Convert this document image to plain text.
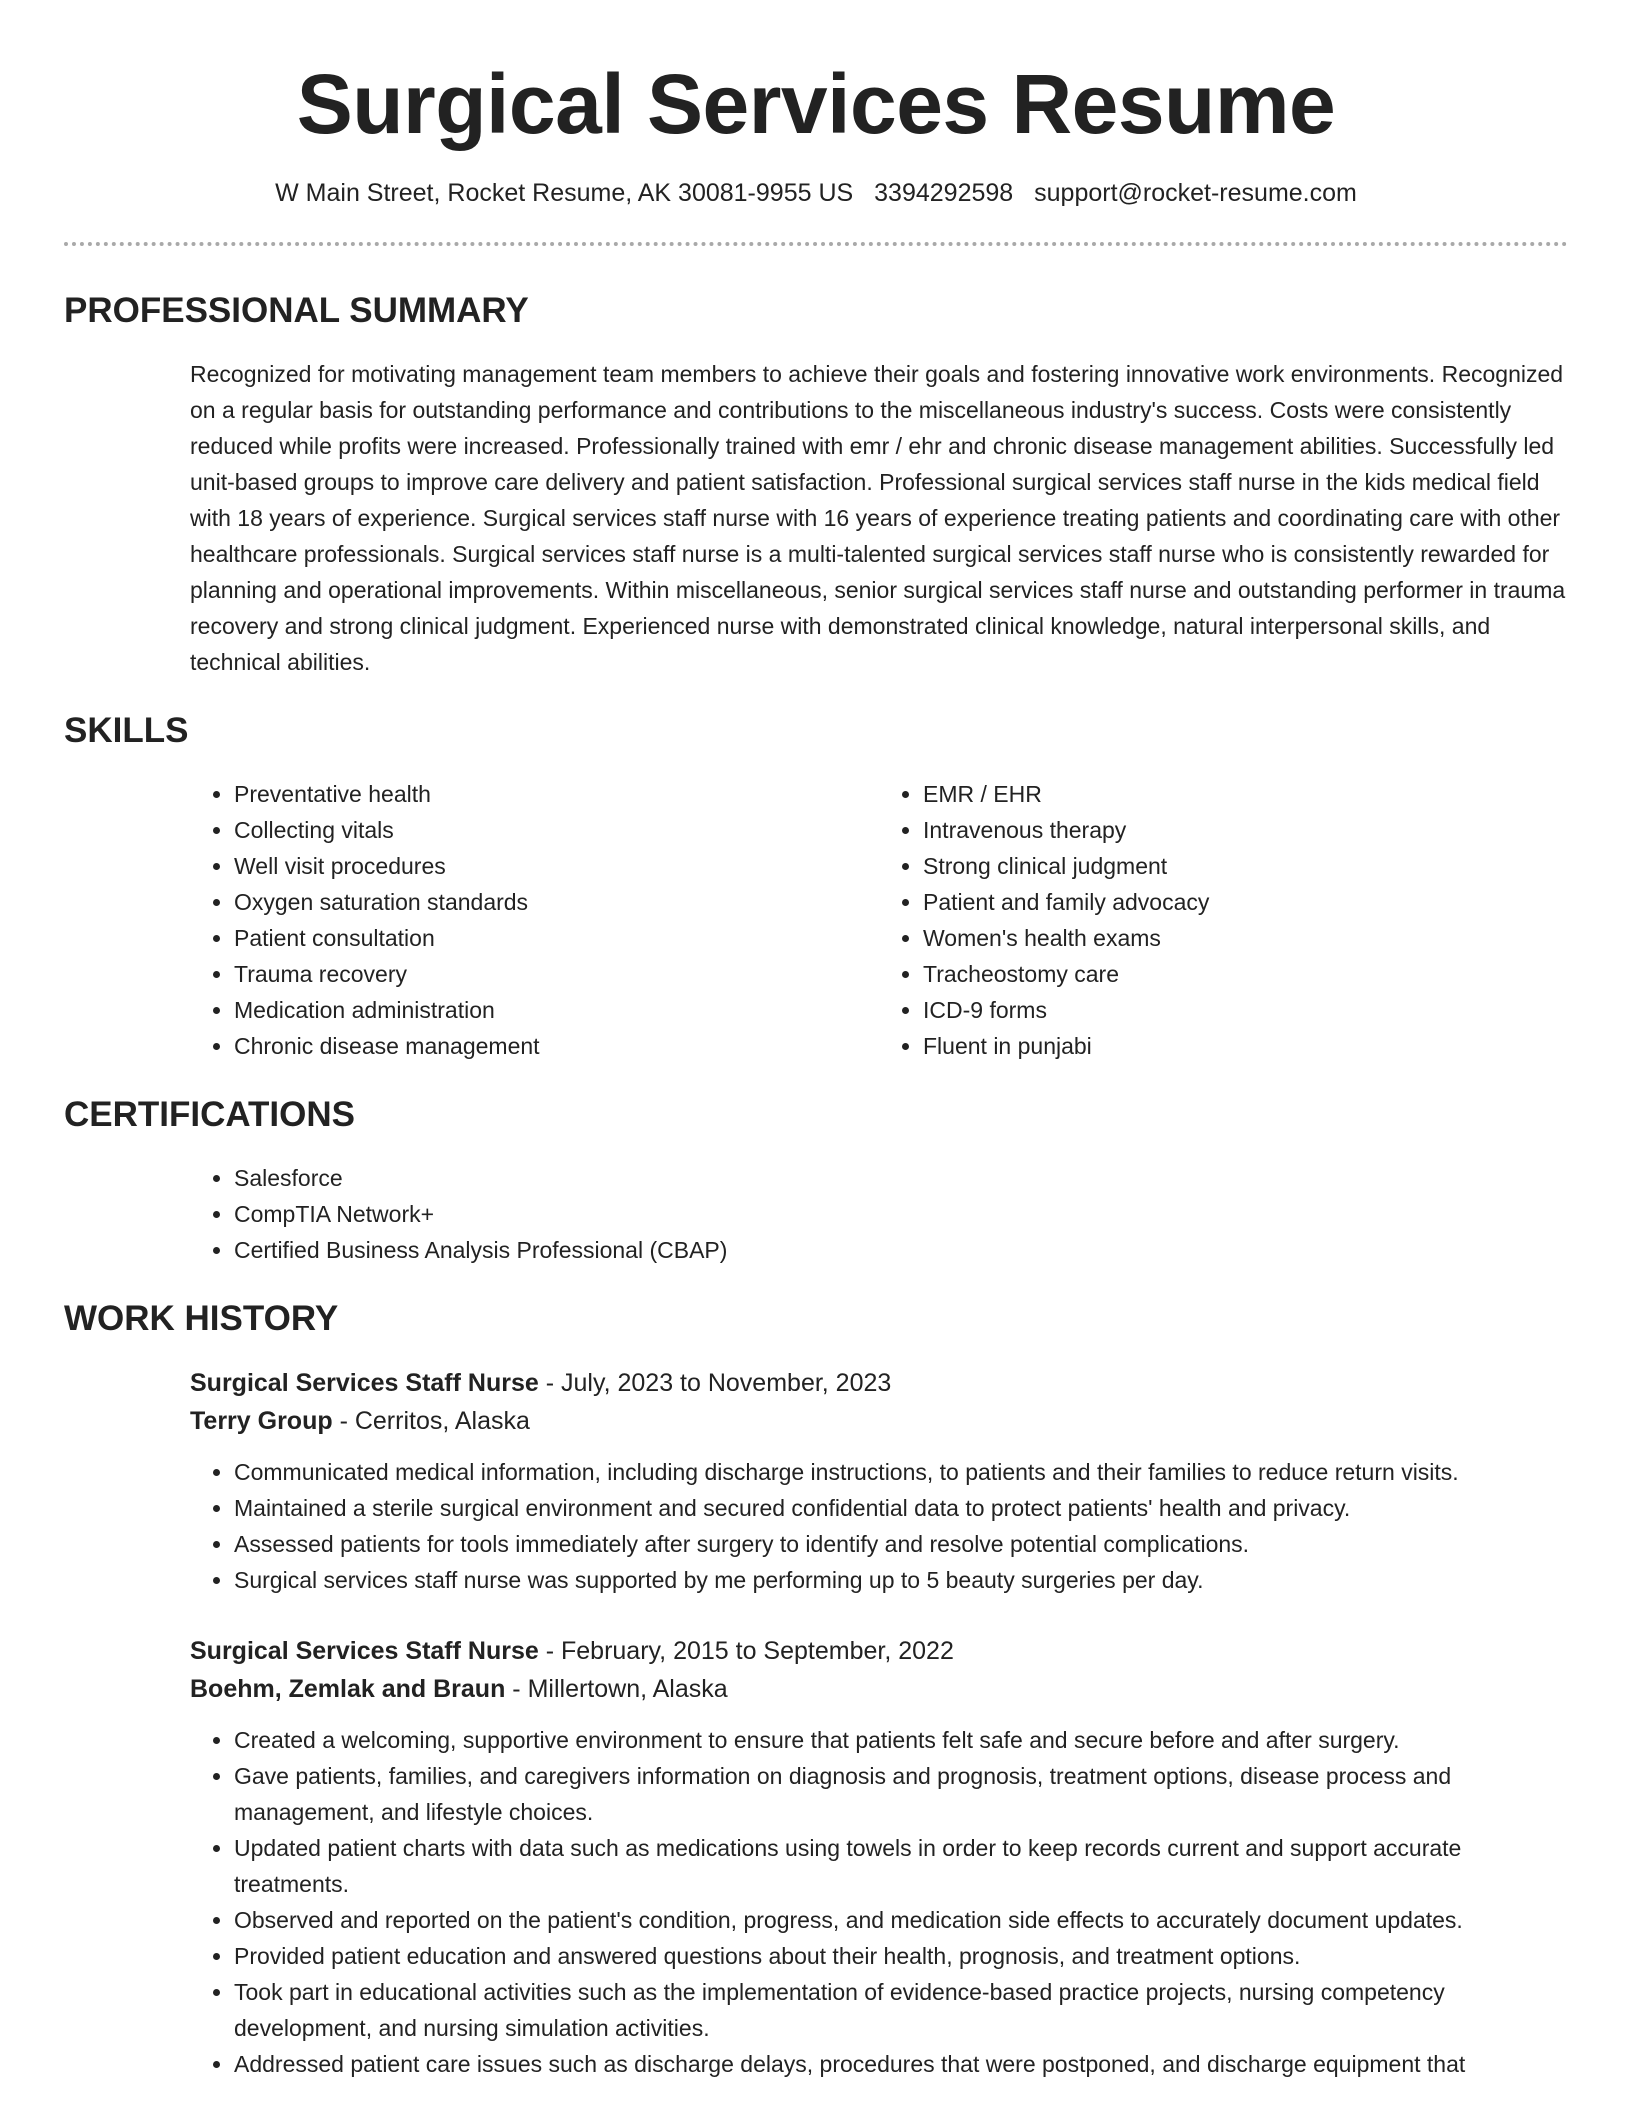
Surgical Services Resume
W Main Street, Rocket Resume, AK 30081-9955 US 3394292598 support@rocket-resume.com
PROFESSIONAL SUMMARY

Recognized for motivating management team members to achieve their goals and fostering innovative work environments. Recognized on a regular basis for outstanding performance and contributions to the miscellaneous industry's success. Costs were consistently reduced while profits were increased. Professionally trained with emr / ehr and chronic disease management abilities. Successfully led unit-based groups to improve care delivery and patient satisfaction. Professional surgical services staff nurse in the kids medical field with 18 years of experience. Surgical services staff nurse with 16 years of experience treating patients and coordinating care with other healthcare professionals. Surgical services staff nurse is a multi-talented surgical services staff nurse who is consistently rewarded for planning and operational improvements. Within miscellaneous, senior surgical services staff nurse and outstanding performer in trauma recovery and strong clinical judgment. Experienced nurse with demonstrated clinical knowledge, natural interpersonal skills, and technical abilities.

SKILLS
• Preventative health
• Collecting vitals
• Well visit procedures
• Oxygen saturation standards
• Patient consultation
• Trauma recovery
• Medication administration
• Chronic disease management
• EMR / EHR
• Intravenous therapy
• Strong clinical judgment
• Patient and family advocacy
• Women's health exams
• Tracheostomy care
• ICD-9 forms
• Fluent in punjabi
CERTIFICATIONS
• Salesforce
• CompTIA Network+
• Certified Business Analysis Professional (CBAP)
WORK HISTORY
Surgical Services Staff Nurse - July, 2023 to November, 2023
Terry Group - Cerritos, Alaska
• Communicated medical information, including discharge instructions, to patients and their families to reduce return visits.
• Maintained a sterile surgical environment and secured confidential data to protect patients' health and privacy.
• Assessed patients for tools immediately after surgery to identify and resolve potential complications.
• Surgical services staff nurse was supported by me performing up to 5 beauty surgeries per day.
Surgical Services Staff Nurse - February, 2015 to September, 2022
Boehm, Zemlak and Braun - Millertown, Alaska
• Created a welcoming, supportive environment to ensure that patients felt safe and secure before and after surgery.
• Gave patients, families, and caregivers information on diagnosis and prognosis, treatment options, disease process and management, and lifestyle choices.
• Updated patient charts with data such as medications using towels in order to keep records current and support accurate treatments.
• Observed and reported on the patient's condition, progress, and medication side effects to accurately document updates.
• Provided patient education and answered questions about their health, prognosis, and treatment options.
• Took part in educational activities such as the implementation of evidence-based practice projects, nursing competency development, and nursing simulation activities.
• Addressed patient care issues such as discharge delays, procedures that were postponed, and discharge equipment that
